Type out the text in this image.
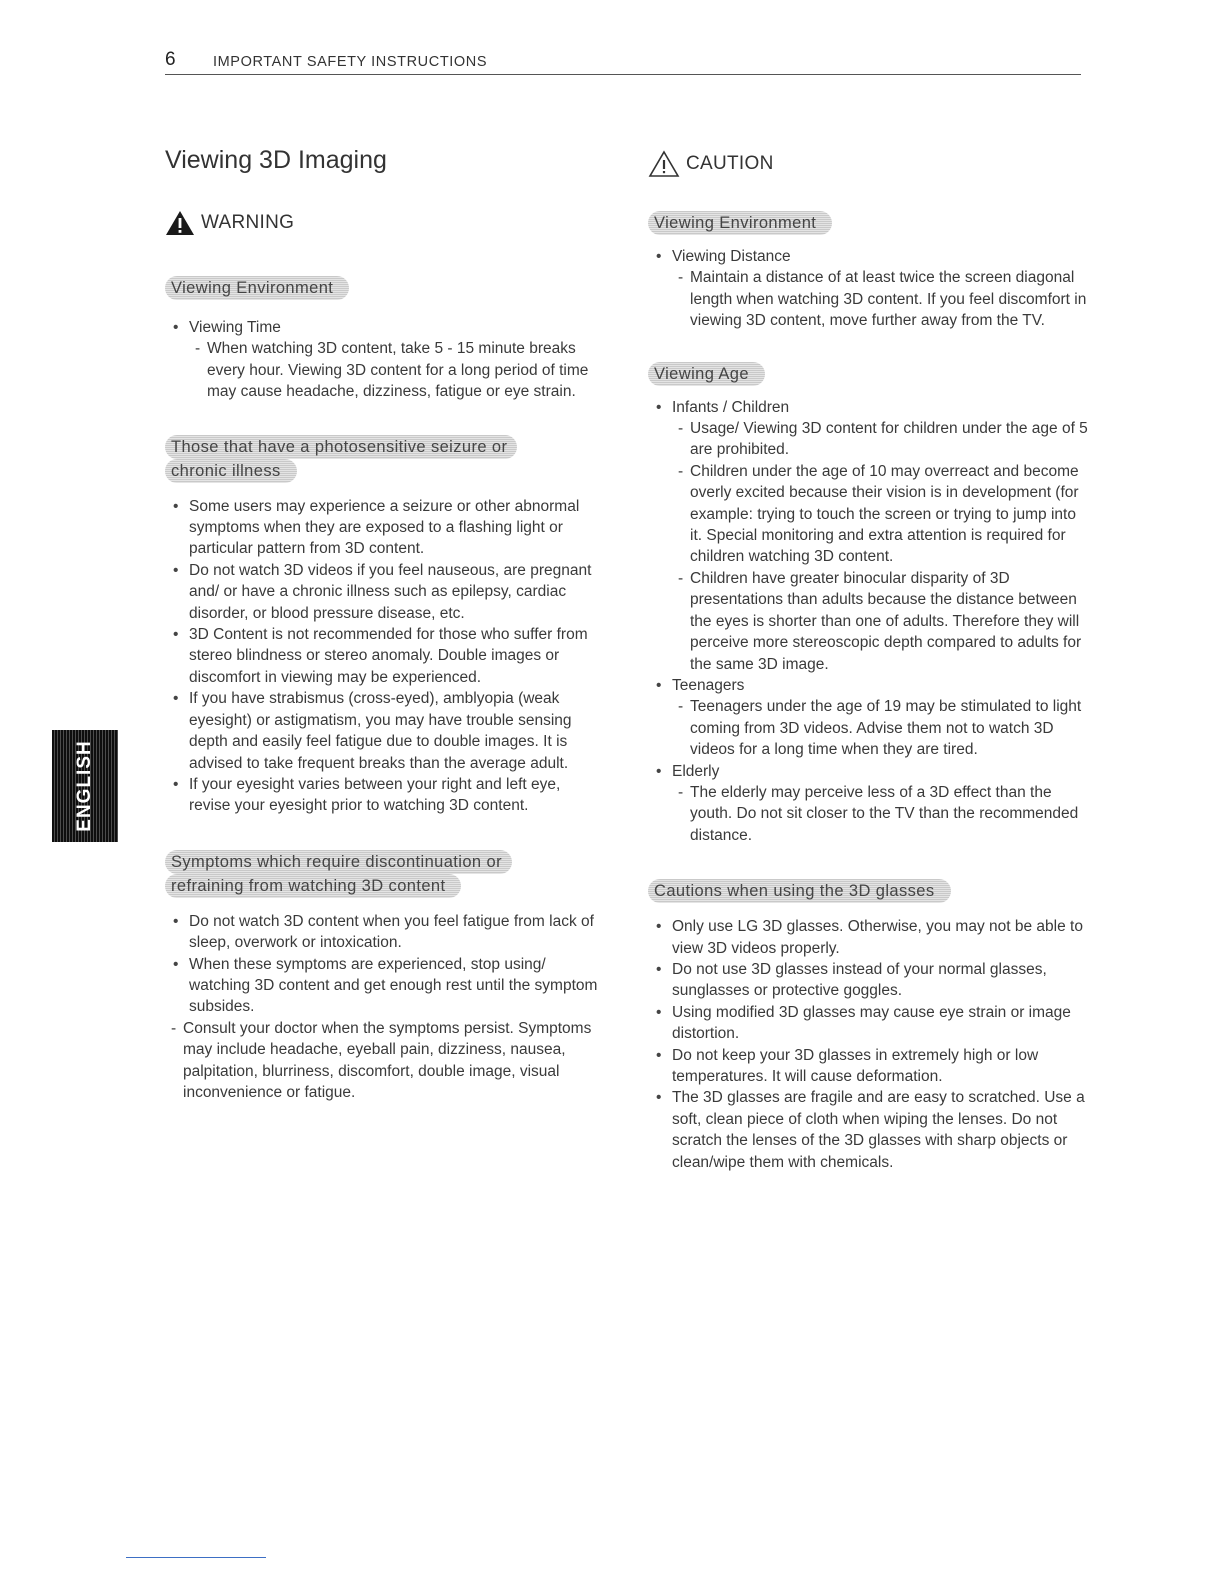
6	IMPORTANT SAFETY INSTRUCTIONS
ENGLISH
Viewing 3D Imaging
WARNING
Viewing Environment
• Viewing Time
- When watching 3D content, take 5 - 15 minute breaks every hour. Viewing 3D content for a long period of time may cause headache, dizziness, fatigue or eye strain.
Those that have a photosensitive seizure or
chronic illness
• Some users may experience a seizure or other abnormal symptoms when they are exposed to a flashing light or particular pattern from 3D content.
• Do not watch 3D videos if you feel nauseous, are pregnant and/ or have a chronic illness such as epilepsy, cardiac disorder, or blood pressure disease, etc.
• 3D Content is not recommended for those who suffer from stereo blindness or stereo anomaly. Double images or discomfort in viewing may be experienced.
• If you have strabismus (cross-eyed), amblyopia (weak eyesight) or astigmatism, you may have trouble sensing depth and easily feel fatigue due to double images. It is advised to take frequent breaks than the average adult.
• If your eyesight varies between your right and left eye, revise your eyesight prior to watching 3D content.
Symptoms which require discontinuation or
refraining from watching 3D content
• Do not watch 3D content when you feel fatigue from lack of sleep, overwork or intoxication.
• When these symptoms are experienced, stop using/ watching 3D content and get enough rest until the symptom subsides.
- Consult your doctor when the symptoms persist. Symptoms may include headache, eyeball pain, dizziness, nausea, palpitation, blurriness, discomfort, double image, visual inconvenience or fatigue.
CAUTION
Viewing Environment
• Viewing Distance
- Maintain a distance of at least twice the screen diagonal length when watching 3D content. If you feel discomfort in viewing 3D content, move further away from the TV.
Viewing Age
• Infants / Children
- Usage/ Viewing 3D content for children under the age of 5 are prohibited.
- Children under the age of 10 may overreact and become overly excited because their vision is in development (for example: trying to touch the screen or trying to jump into it. Special monitoring and extra attention is required for children watching 3D content.
- Children have greater binocular disparity of 3D presentations than adults because the distance between the eyes is shorter than one of adults. Therefore they will perceive more stereoscopic depth compared to adults for the same 3D image.
• Teenagers
- Teenagers under the age of 19 may be stimulated to light coming from 3D videos. Advise them not to watch 3D videos for a long time when they are tired.
• Elderly
- The elderly may perceive less of a 3D effect than the youth. Do not sit closer to the TV than the recommended distance.
Cautions when using the 3D glasses
• Only use LG 3D glasses. Otherwise, you may not be able to view 3D videos properly.
• Do not use 3D glasses instead of your normal glasses, sunglasses or protective goggles.
• Using modified 3D glasses may cause eye strain or image distortion.
• Do not keep your 3D glasses in extremely high or low temperatures. It will cause deformation.
• The 3D glasses are fragile and are easy to scratched. Use a soft, clean piece of cloth when wiping the lenses. Do not scratch the lenses of the 3D glasses with sharp objects or clean/wipe them with chemicals.
